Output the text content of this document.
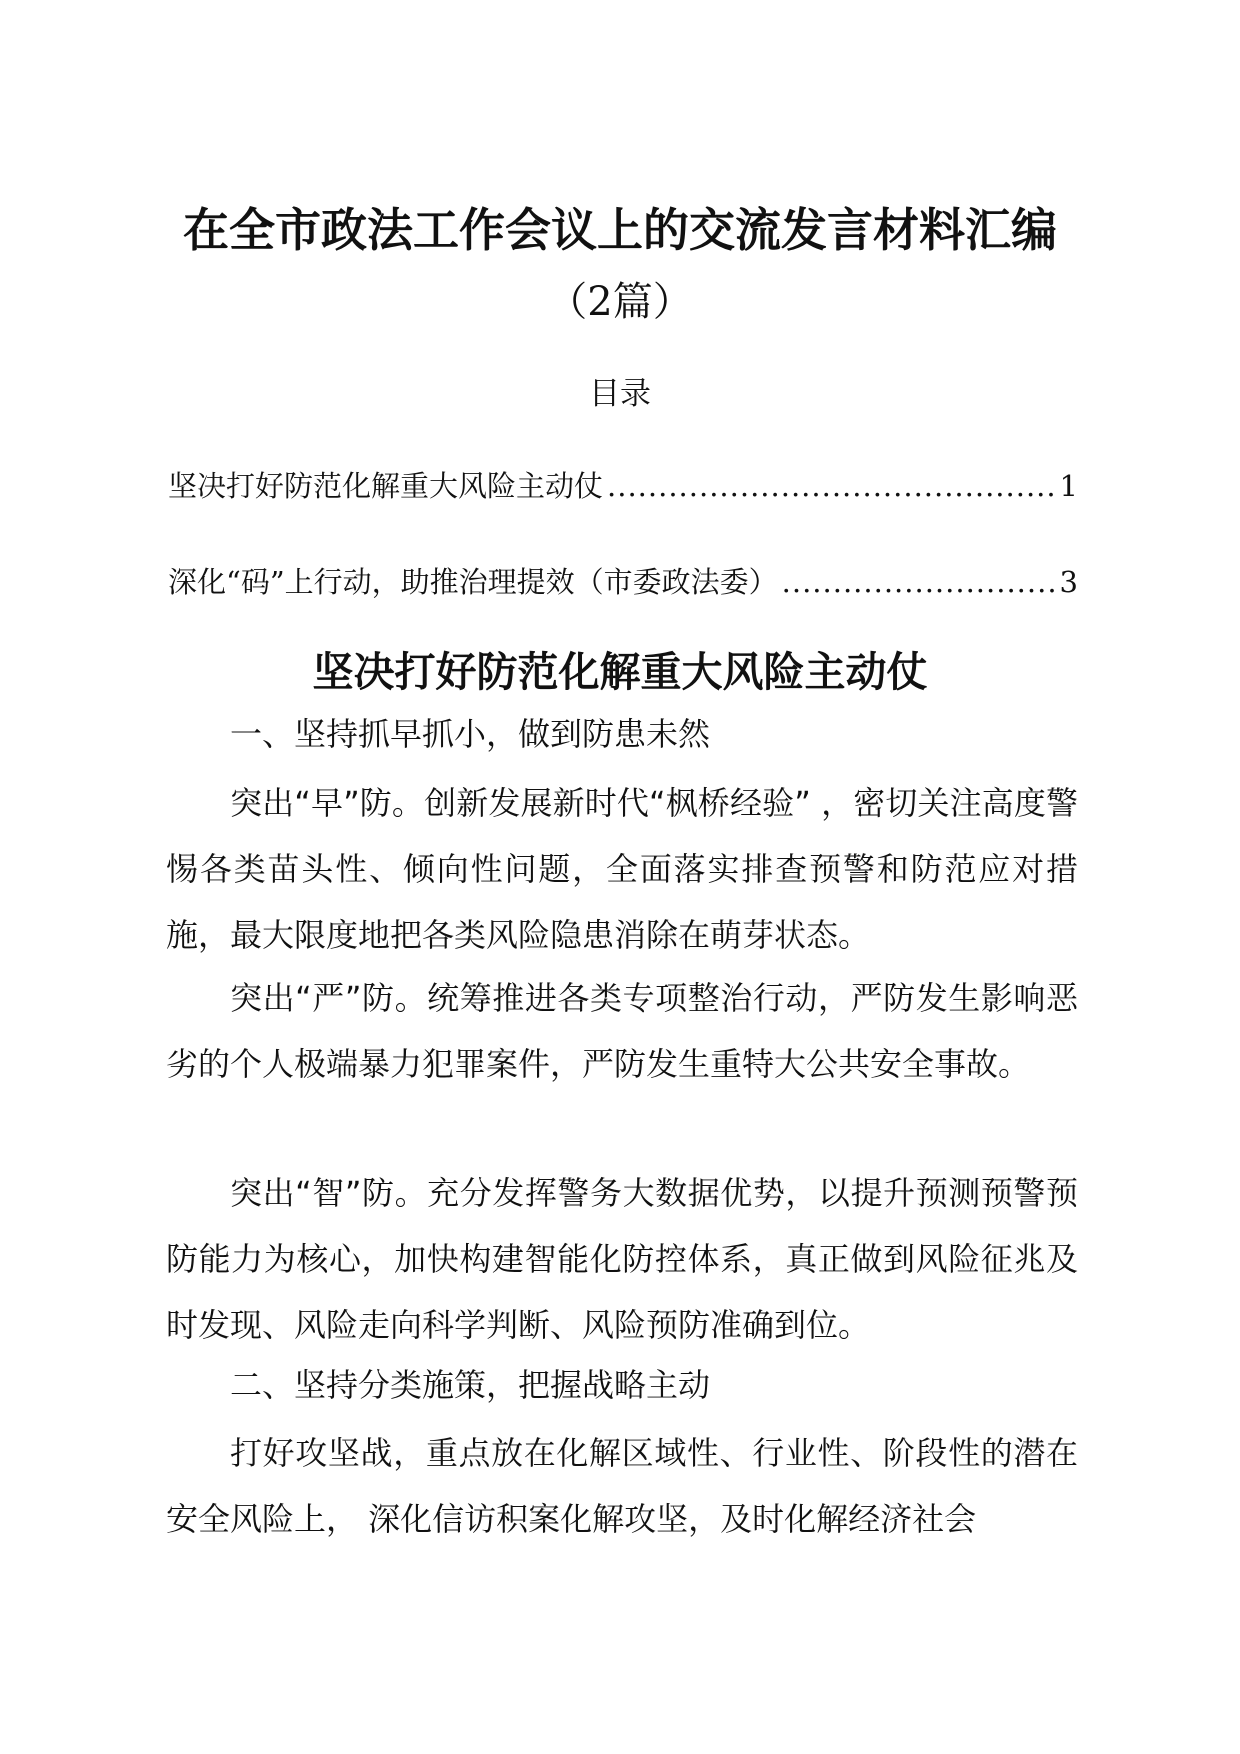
在全市政法工作会议上的交流发言材料汇编
（2篇）
目录
坚决打好防范化解重大风险主动仗 .....	1
深化“码”上行动，助推治理提效（市委政法委） .....	3
坚决打好防范化解重大风险主动仗
一、坚持抓早抓小，做到防患未然

突出“早”防。创新发展新时代“枫桥经验” ，密切关注高度警惕各类苗头性、倾向性问题，全面落实排查预警和防范应对措施，最大限度地把各类风险隐患消除在萌芽状态。

突出“严”防。统筹推进各类专项整治行动，严防发生影响恶劣的个人极端暴力犯罪案件，严防发生重特大公共安全事故。

突出“智”防。充分发挥警务大数据优势，以提升预测预警预防能力为核心，加快构建智能化防控体系，真正做到风险征兆及时发现、风险走向科学判断、风险预防准确到位。

二、坚持分类施策，把握战略主动

打好攻坚战，重点放在化解区域性、行业性、阶段性的潜在安全风险上， 深化信访积案化解攻坚，及时化解经济社会
